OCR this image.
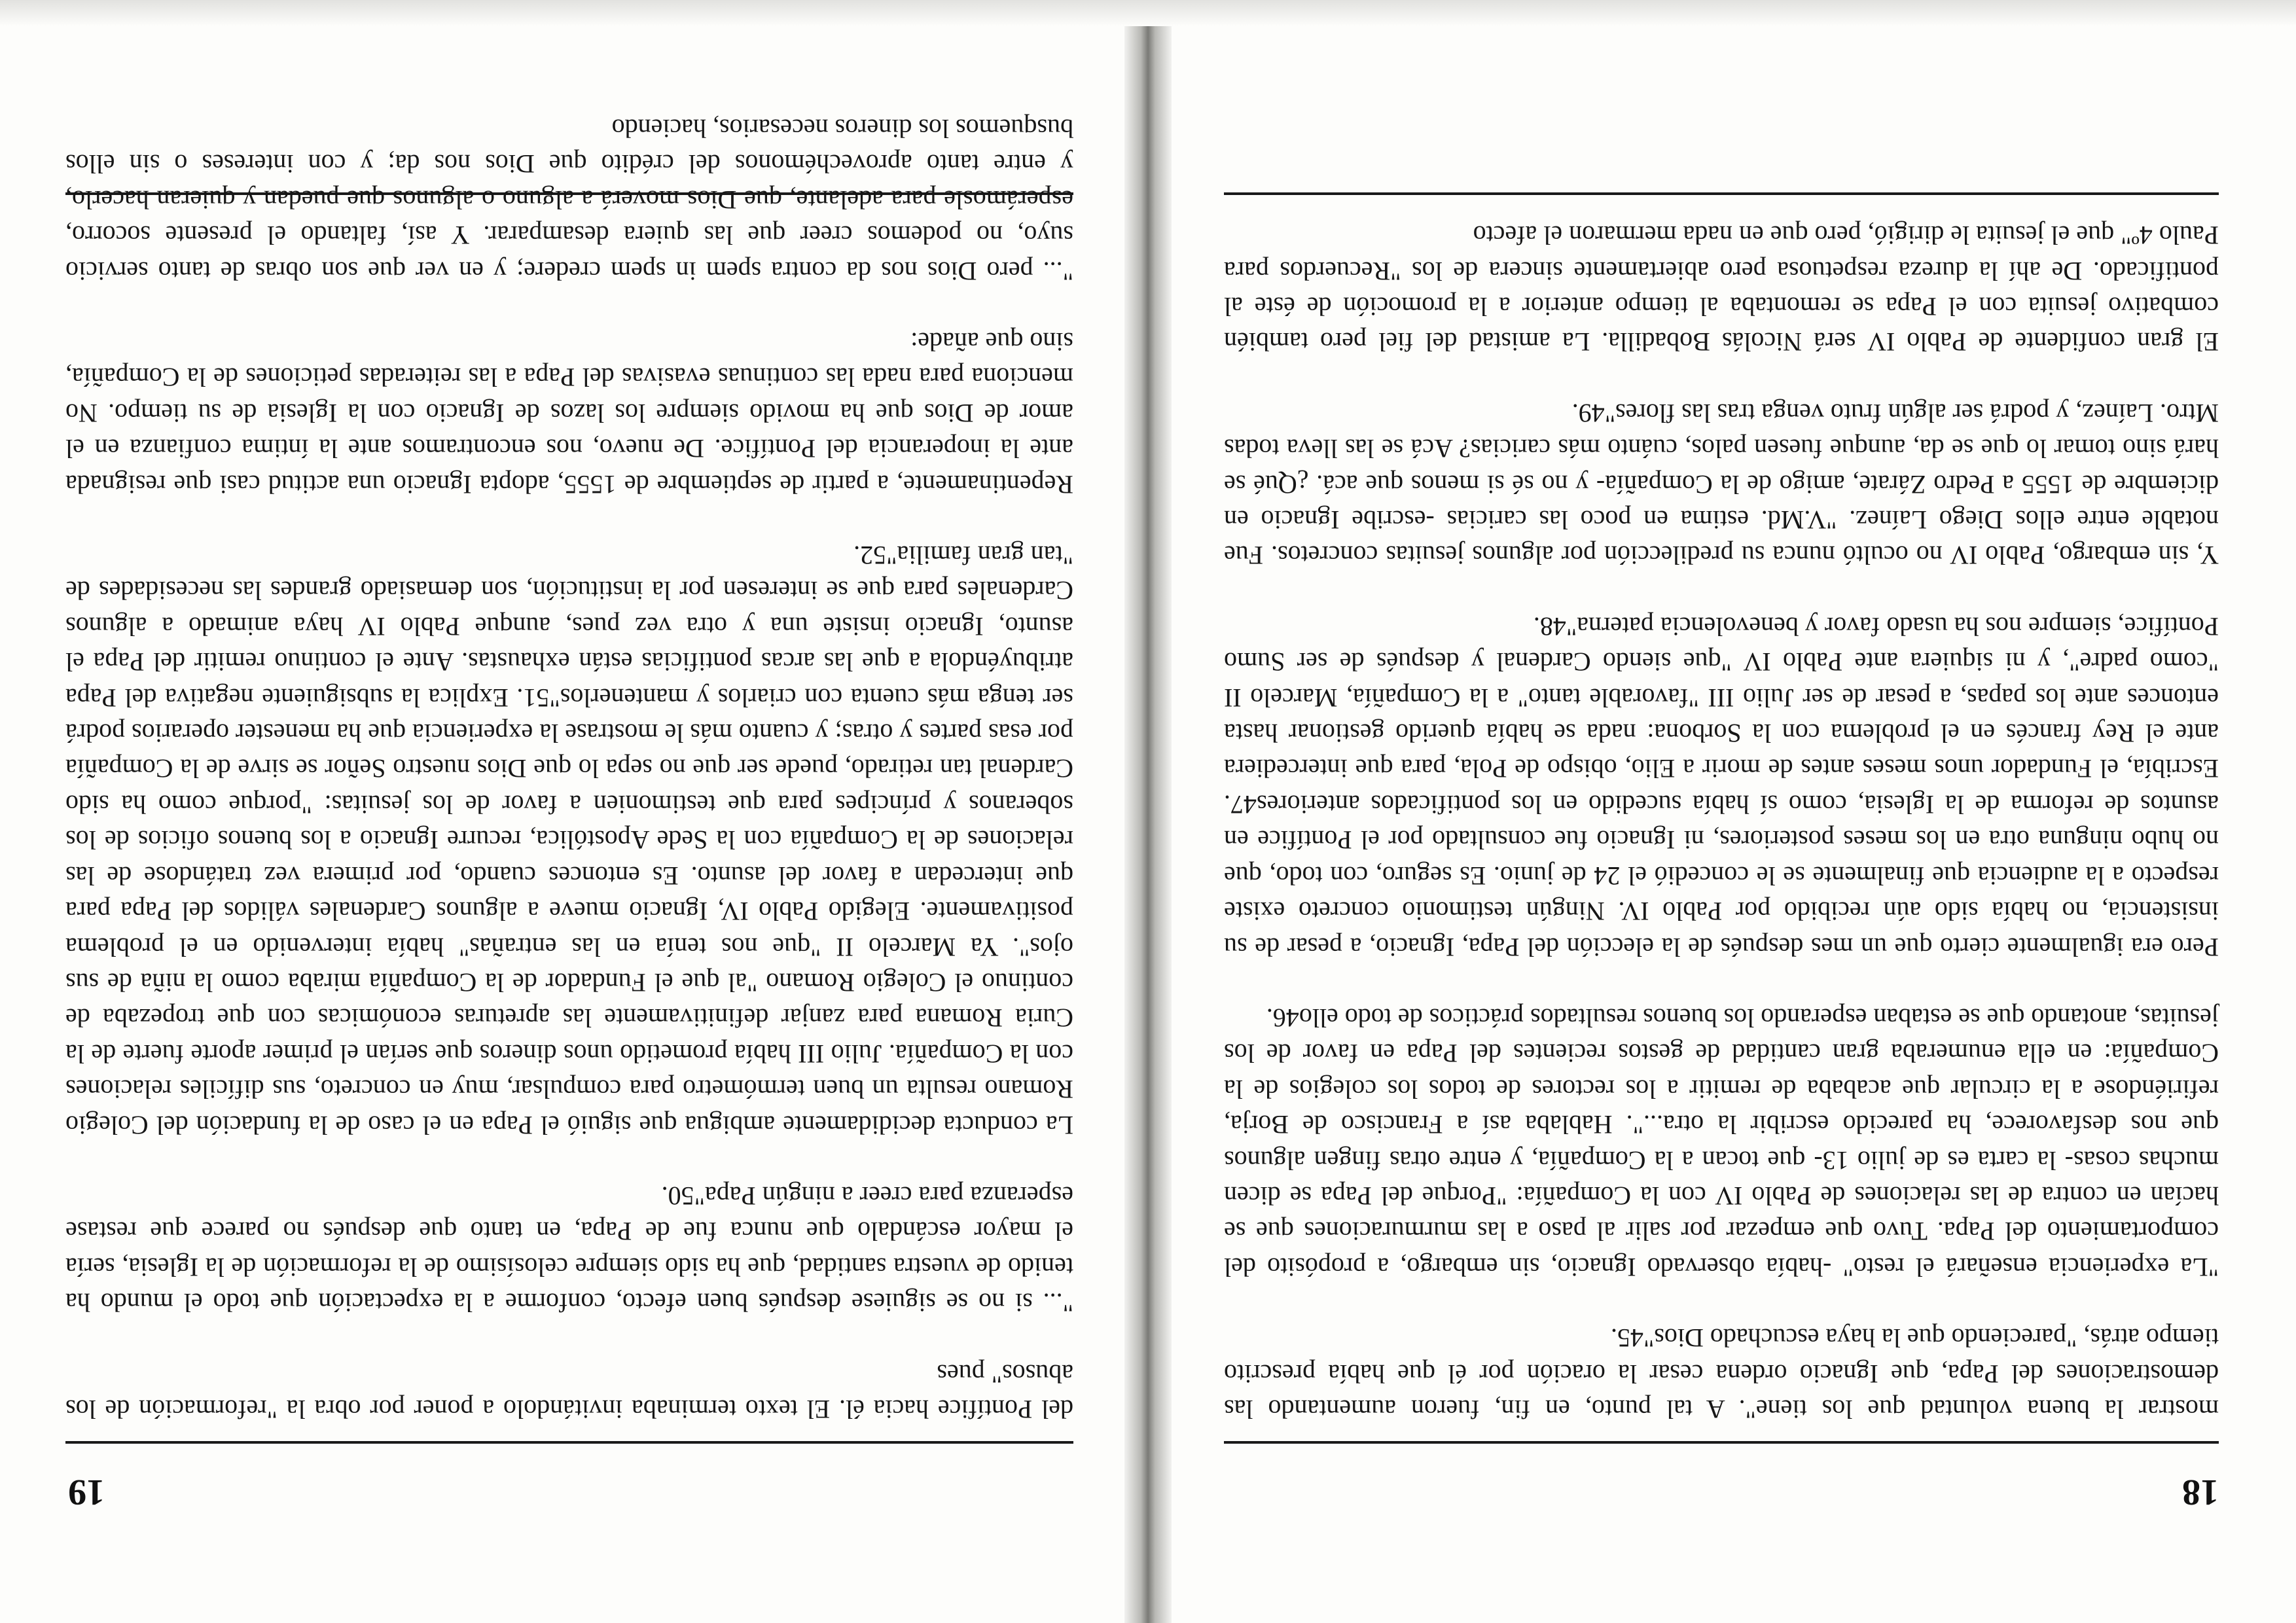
18

mostrar la buena voluntad que los tiene". A tal punto, en fin, fueron aumentando las demostraciones del Papa, que Ignacio ordena cesar la oración por él que había prescrito tiempo atrás, "pareciendo que la haya escuchado Dios"45.

"La experiencia enseñará el resto" -había observado Ignacio, sin embargo, a propósito del comportamiento del Papa. Tuvo que empezar por salir al paso a las murmuraciones que se hacían en contra de las relaciones de Pablo IV con la Compañía: "Porque del Papa se dicen muchas cosas- la carta es de julio 13- que tocan a la Compañía, y entre otras fingen algunos que nos desfavorece, ha parecido escribir la otra...". Hablaba así a Francisco de Borja, refiriéndose a la circular que acababa de remitir a los rectores de todos los colegios de la Compañía: en ella enumeraba gran cantidad de gestos recientes del Papa en favor de los jesuitas, anotando que se estaban esperando los buenos resultados prácticos de todo ello46.

Pero era igualmente cierto que un mes después de la elección del Papa, Ignacio, a pesar de su insistencia, no había sido aún recibido por Pablo IV. Ningún testimonio concreto existe respecto a la audiencia que finalmente se le concedió el 24 de junio. Es seguro, con todo, que no hubo ninguna otra en los meses posteriores, ni Ignacio fue consultado por el Pontífice en asuntos de reforma de la Iglesia, como sí había sucedido en los pontificados anteriores47. Escribía, el Fundador unos meses antes de morir a Elio, obispo de Pola, para que intercediera ante el Rey francés en el problema con la Sorbona: nada se había querido gestionar hasta entonces ante los papas, a pesar de ser Julio III "favorable tanto" a la Compañía, Marcelo II "como padre", y ni siquiera ante Pablo IV "que siendo Cardenal y después de ser Sumo Pontífice, siempre nos ha usado favor y benevolencia paterna"48.

Y, sin embargo, Pablo IV no ocultó nunca su predilección por algunos jesuitas concretos. Fue notable entre ellos Diego Laínez. "V.Md. estima en poco las caricias -escribe Ignacio en diciembre de 1555 a Pedro Zárate, amigo de la Compañía- y no sé si menos que acá. ¿Qué se hará sino tomar lo que se da, aunque fuesen palos, cuánto más caricias? Acá se las lleva todas Mtro. Laínez, y podrá ser algún fruto venga tras las flores"49.

El gran confidente de Pablo IV será Nicolás Bobadilla. La amistad del fiel pero también combativo jesuita con el Papa se remontaba al tiempo anterior a la promoción de éste al pontificado. De ahí la dureza respetuosa pero abiertamente sincera de los "Recuerdos para Paulo 4º" que el jesuita le dirigió, pero que en nada mermaron el afecto

19

del Pontífice hacia él. El texto terminaba invitándolo a poner por obra la "reformación de los abusos" pues

"... si no se siguiese después buen efecto, conforme a la expectación que todo el mundo ha tenido de vuestra santidad, que ha sido siempre celosísimo de la reformación de la Iglesia, sería el mayor escándalo que nunca fue de Papa, en tanto que después no parece que restase esperanza para creer a ningún Papa"50.

La conducta decididamente ambigua que siguió el Papa en el caso de la fundación del Colegio Romano resulta un buen termómetro para compulsar, muy en concreto, sus difíciles relaciones con la Compañía. Julio III había prometido unos dineros que serían el primer aporte fuerte de la Curia Romana para zanjar definitivamente las apreturas económicas con que tropezaba de continuo el Colegio Romano "al que el Fundador de la Compañía miraba como la niña de sus ojos". Ya Marcelo II "que nos tenía en las entrañas" había intervenido en el problema positivamente. Elegido Pablo IV, Ignacio mueve a algunos Cardenales válidos del Papa para que intercedan a favor del asunto. Es entonces cuando, por primera vez tratándose de las relaciones de la Compañía con la Sede Apostólica, recurre Ignacio a los buenos oficios de los soberanos y príncipes para que testimonien a favor de los jesuitas: "porque como ha sido Cardenal tan retirado, puede ser que no sepa lo que Dios nuestro Señor se sirve de la Compañía por esas partes y otras; y cuanto más le mostrase la experiencia que ha menester operarios podrá ser tenga más cuenta con criarlos y mantenerlos"51. Explica la subsiguiente negativa del Papa atribuyéndola a que las arcas pontificias están exhaustas. Ante el continuo remitir del Papa el asunto, Ignacio insiste una y otra vez pues, aunque Pablo IV haya animado a algunos Cardenales para que se interesen por la institución, son demasiado grandes las necesidades de "tan gran familia"52.

Repentinamente, a partir de septiembre de 1555, adopta Ignacio una actitud casi que resignada ante la inoperancia del Pontífice. De nuevo, nos encontramos ante la íntima confianza en el amor de Dios que ha movido siempre los lazos de Ignacio con la Iglesia de su tiempo. No menciona para nada las continuas evasivas del Papa a las reiteradas peticiones de la Compañía, sino que añade:

"... pero Dios nos da contra spem in spem credere; y en ver que son obras de tanto servicio suyo, no podemos creer que las quiera desamparar. Y así, faltando el presente socorro, esperámosle para adelante, que Dios moverá a alguno o algunos que puedan y quieran hacerlo, y entre tanto aprovechémonos del crédito que Dios nos da; y con intereses o sin ellos busquemos los dineros necesarios, haciendo
